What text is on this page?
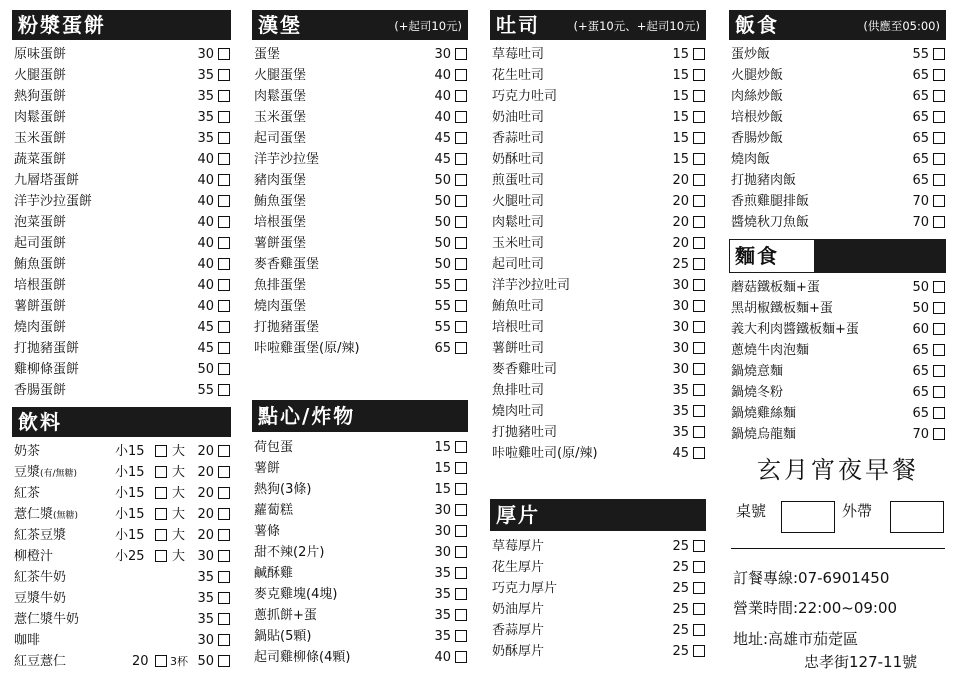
粉漿蛋餅
原味蛋餅	30
火腿蛋餅	35
熱狗蛋餅	35
肉鬆蛋餅	35
玉米蛋餅	35
蔬菜蛋餅	40
九層塔蛋餅	40
洋芋沙拉蛋餅	40
泡菜蛋餅	40
起司蛋餅	40
鮪魚蛋餅	40
培根蛋餅	40
薯餅蛋餅	40
燒肉蛋餅	45
打拋豬蛋餅	45
雞柳條蛋餅	50
香腸蛋餅	55
飲料
奶茶	小15 大 20
豆漿(有/無糖)	小15 大 20
紅茶	小15 大 20
薏仁漿(無糖)	小15 大 20
紅茶豆漿	小15 大 20
柳橙汁	小25 大 30
紅茶牛奶	35
豆漿牛奶	35
薏仁漿牛奶	35
咖啡	30
紅豆薏仁	20 3杯 50
漢堡	(+起司10元)
蛋堡	30
火腿蛋堡	40
肉鬆蛋堡	40
玉米蛋堡	40
起司蛋堡	45
洋芋沙拉堡	45
豬肉蛋堡	50
鮪魚蛋堡	50
培根蛋堡	50
薯餅蛋堡	50
麥香雞蛋堡	50
魚排蛋堡	55
燒肉蛋堡	55
打拋豬蛋堡	55
咔啦雞蛋堡(原/辣)	65
點心/炸物
荷包蛋	15
薯餅	15
熱狗(3條)	15
蘿蔔糕	30
薯條	30
甜不辣(2片)	30
鹹酥雞	35
麥克雞塊(4塊)	35
蔥抓餅+蛋	35
鍋貼(5顆)	35
起司雞柳條(4顆)	40
吐司	(+蛋10元、+起司10元)
草莓吐司	15
花生吐司	15
巧克力吐司	15
奶油吐司	15
香蒜吐司	15
奶酥吐司	15
煎蛋吐司	20
火腿吐司	20
肉鬆吐司	20
玉米吐司	20
起司吐司	25
洋芋沙拉吐司	30
鮪魚吐司	30
培根吐司	30
薯餅吐司	30
麥香雞吐司	30
魚排吐司	35
燒肉吐司	35
打拋豬吐司	35
咔啦雞吐司(原/辣)	45
厚片
草莓厚片	25
花生厚片	25
巧克力厚片	25
奶油厚片	25
香蒜厚片	25
奶酥厚片	25
飯食	(供應至05:00)
蛋炒飯	55
火腿炒飯	65
肉絲炒飯	65
培根炒飯	65
香腸炒飯	65
燒肉飯	65
打拋豬肉飯	65
香煎雞腿排飯	70
醬燒秋刀魚飯	70
麵食
蘑菇鐵板麵+蛋	50
黑胡椒鐵板麵+蛋	50
義大利肉醬鐵板麵+蛋	60
蔥燒牛肉泡麵	65
鍋燒意麵	65
鍋燒冬粉	65
鍋燒雞絲麵	65
鍋燒烏龍麵	70
玄月宵夜早餐
桌號	外帶
訂餐專線:07-6901450
營業時間:22:00~09:00
地址:高雄市茄萣區
忠孝街127-11號
